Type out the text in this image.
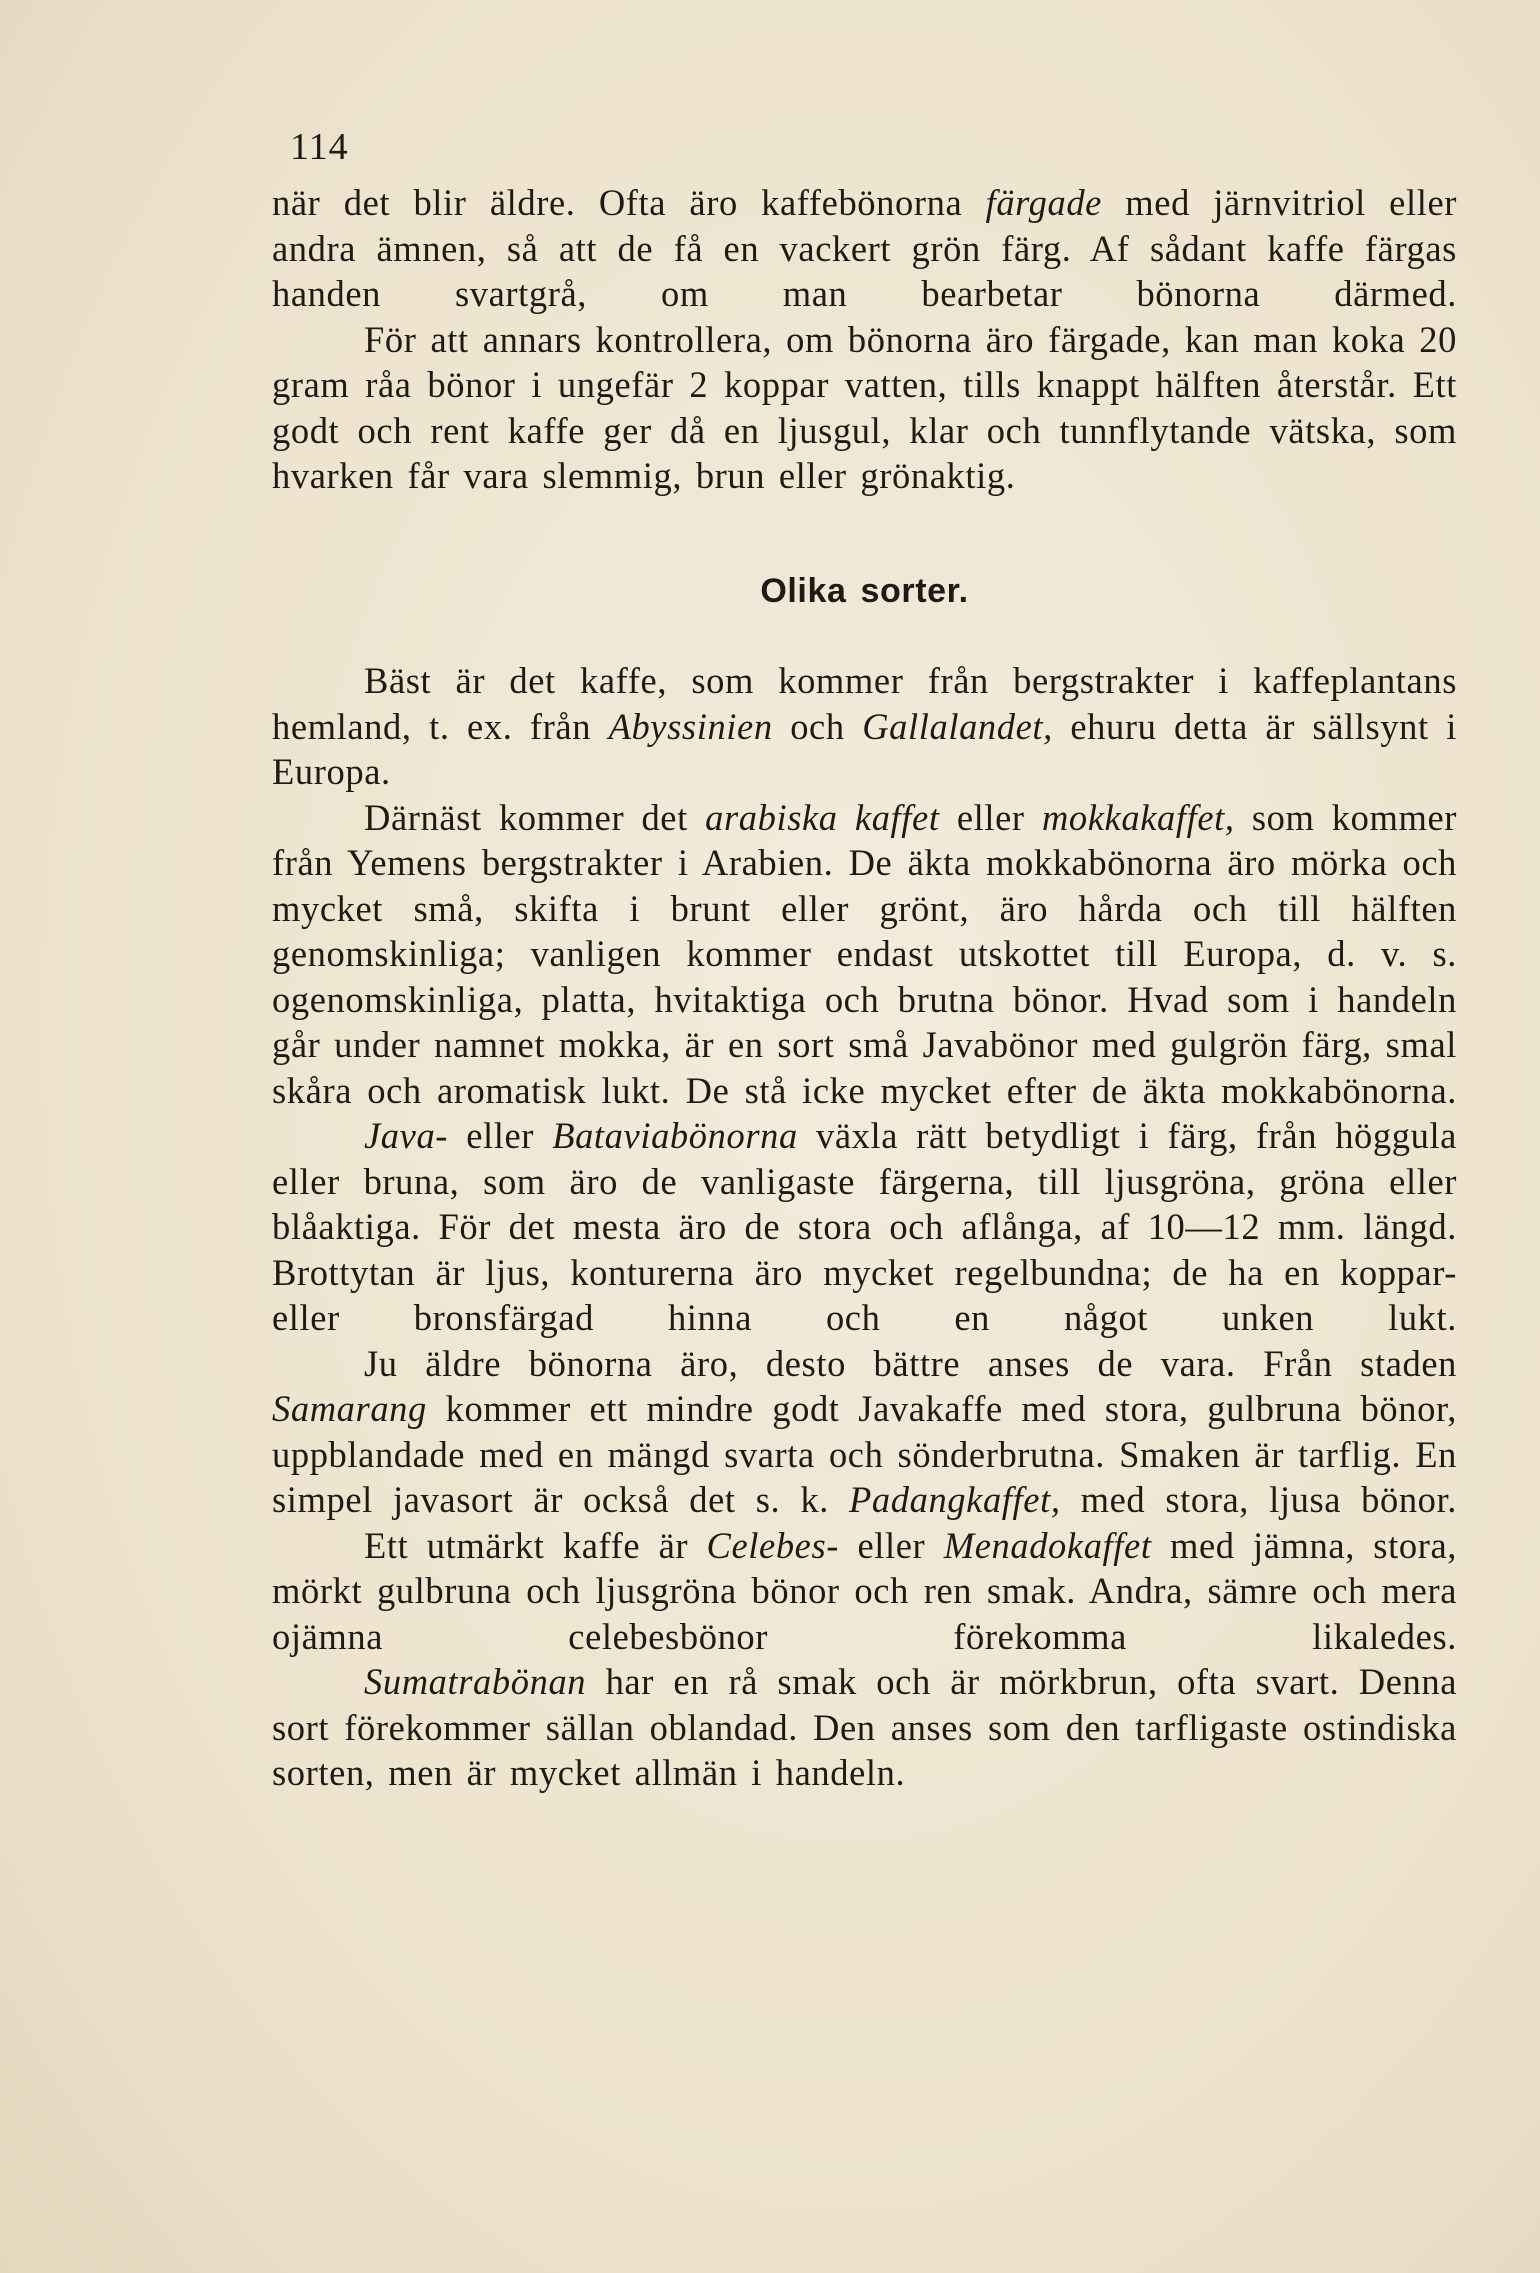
114

när det blir äldre. Ofta äro kaffebönorna färgade med järnvitriol eller andra ämnen, så att de få en vackert grön färg. Af sådant kaffe färgas handen svartgrå, om man bearbetar bönorna därmed.

För att annars kontrollera, om bönorna äro färgade, kan man koka 20 gram råa bönor i ungefär 2 koppar vatten, tills knappt hälften återstår. Ett godt och rent kaffe ger då en ljusgul, klar och tunnflytande vätska, som hvarken får vara slemmig, brun eller grönaktig.

Olika sorter.

Bäst är det kaffe, som kommer från bergstrakter i kaffeplantans hemland, t. ex. från Abyssinien och Gallalandet, ehuru detta är sällsynt i Europa.

Därnäst kommer det arabiska kaffet eller mokkakaffet, som kommer från Yemens bergstrakter i Arabien. De äkta mokkabönorna äro mörka och mycket små, skifta i brunt eller grönt, äro hårda och till hälften genomskinliga; vanligen kommer endast utskottet till Europa, d. v. s. ogenomskinliga, platta, hvitaktiga och brutna bönor. Hvad som i handeln går under namnet mokka, är en sort små Javabönor med gulgrön färg, smal skåra och aromatisk lukt. De stå icke mycket efter de äkta mokkabönorna.

Java- eller Bataviabönorna växla rätt betydligt i färg, från höggula eller bruna, som äro de vanligaste färgerna, till ljusgröna, gröna eller blåaktiga. För det mesta äro de stora och aflånga, af 10—12 mm. längd. Brottytan är ljus, konturerna äro mycket regelbundna; de ha en koppar- eller bronsfärgad hinna och en något unken lukt.

Ju äldre bönorna äro, desto bättre anses de vara. Från staden Samarang kommer ett mindre godt Javakaffe med stora, gulbruna bönor, uppblandade med en mängd svarta och sönderbrutna. Smaken är tarflig. En simpel javasort är också det s. k. Padangkaffet, med stora, ljusa bönor.

Ett utmärkt kaffe är Celebes- eller Menadokaffet med jämna, stora, mörkt gulbruna och ljusgröna bönor och ren smak. Andra, sämre och mera ojämna celebesbönor förekomma likaledes.

Sumatrabönan har en rå smak och är mörkbrun, ofta svart. Denna sort förekommer sällan oblandad. Den anses som den tarfligaste ostindiska sorten, men är mycket allmän i handeln.
